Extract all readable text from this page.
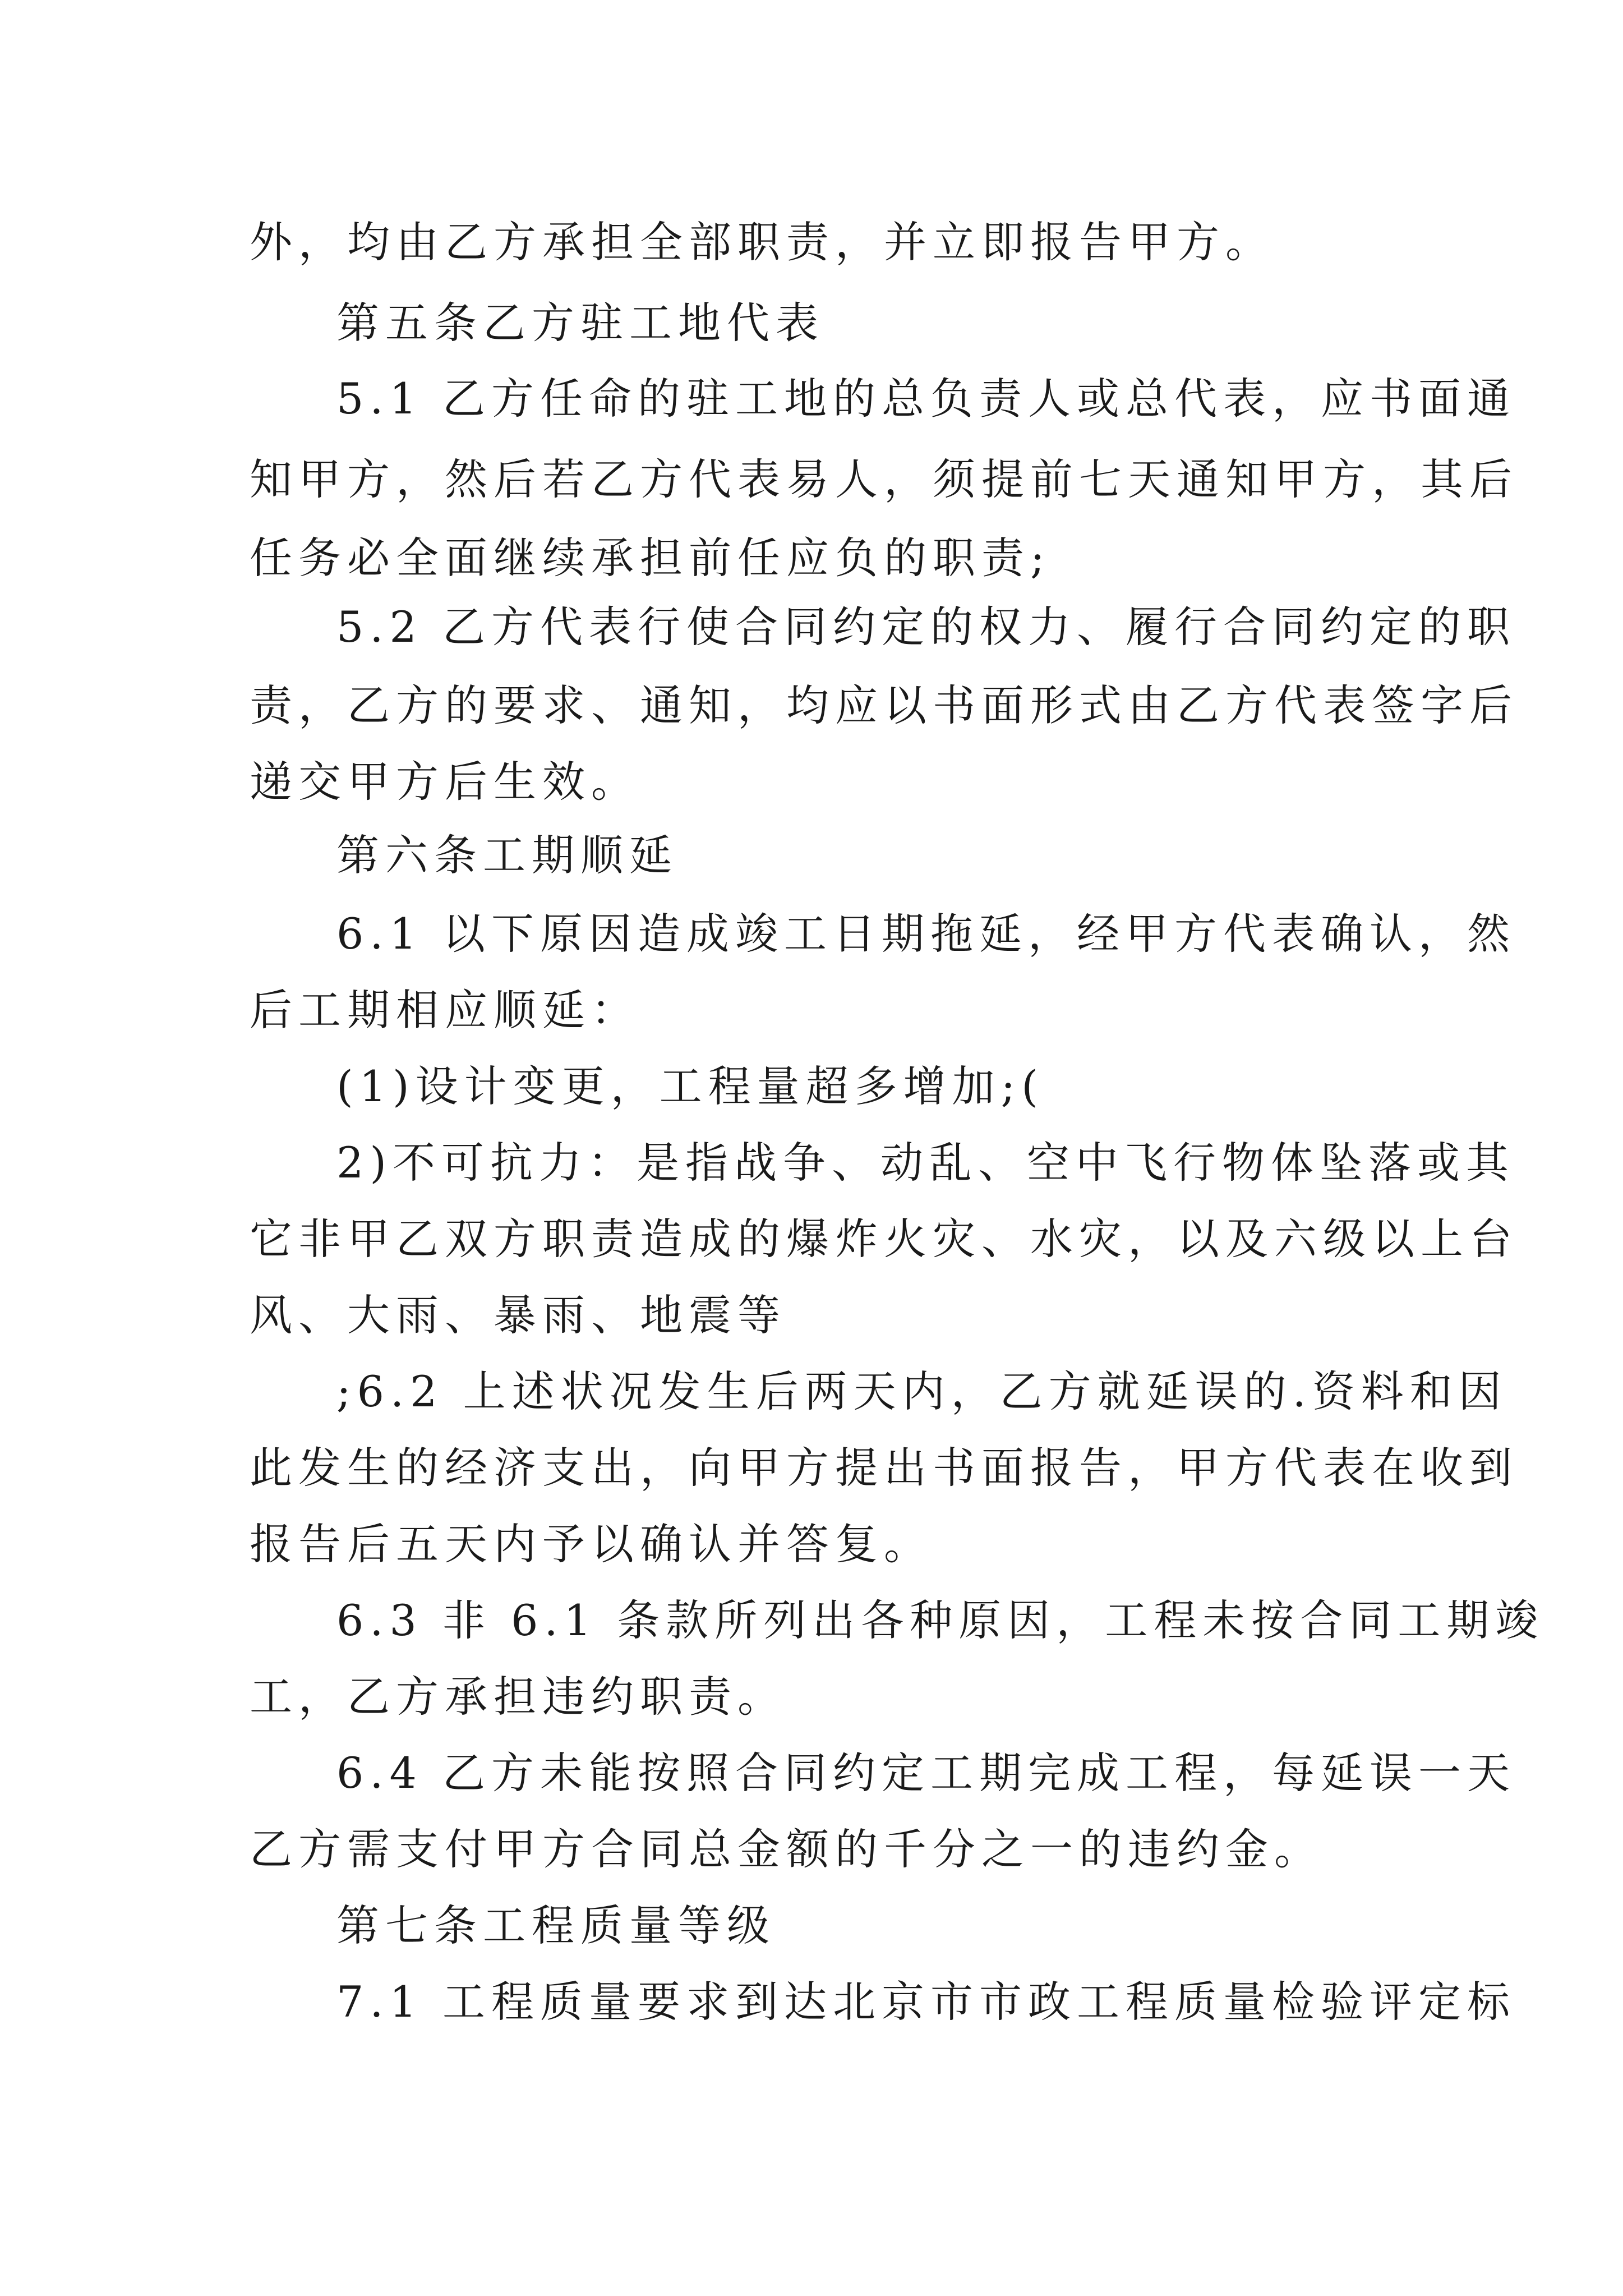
外，均由乙方承担全部职责，并立即报告甲方。
第五条乙方驻工地代表
5.1 乙方任命的驻工地的总负责人或总代表，应书面通
知甲方，然后若乙方代表易人，须提前七天通知甲方，其后
任务必全面继续承担前任应负的职责;
5.2 乙方代表行使合同约定的权力、履行合同约定的职
责，乙方的要求、通知，均应以书面形式由乙方代表签字后
递交甲方后生效。
第六条工期顺延
6.1 以下原因造成竣工日期拖延，经甲方代表确认，然
后工期相应顺延：
(1)设计变更，工程量超多增加;(
2)不可抗力：是指战争、动乱、空中飞行物体坠落或其
它非甲乙双方职责造成的爆炸火灾、水灾，以及六级以上台
风、大雨、暴雨、地震等
;6.2 上述状况发生后两天内，乙方就延误的.资料和因
此发生的经济支出，向甲方提出书面报告，甲方代表在收到
报告后五天内予以确认并答复。
6.3 非 6.1 条款所列出各种原因，工程未按合同工期竣
工，乙方承担违约职责。
6.4 乙方未能按照合同约定工期完成工程，每延误一天
乙方需支付甲方合同总金额的千分之一的违约金。
第七条工程质量等级
7.1 工程质量要求到达北京市市政工程质量检验评定标
